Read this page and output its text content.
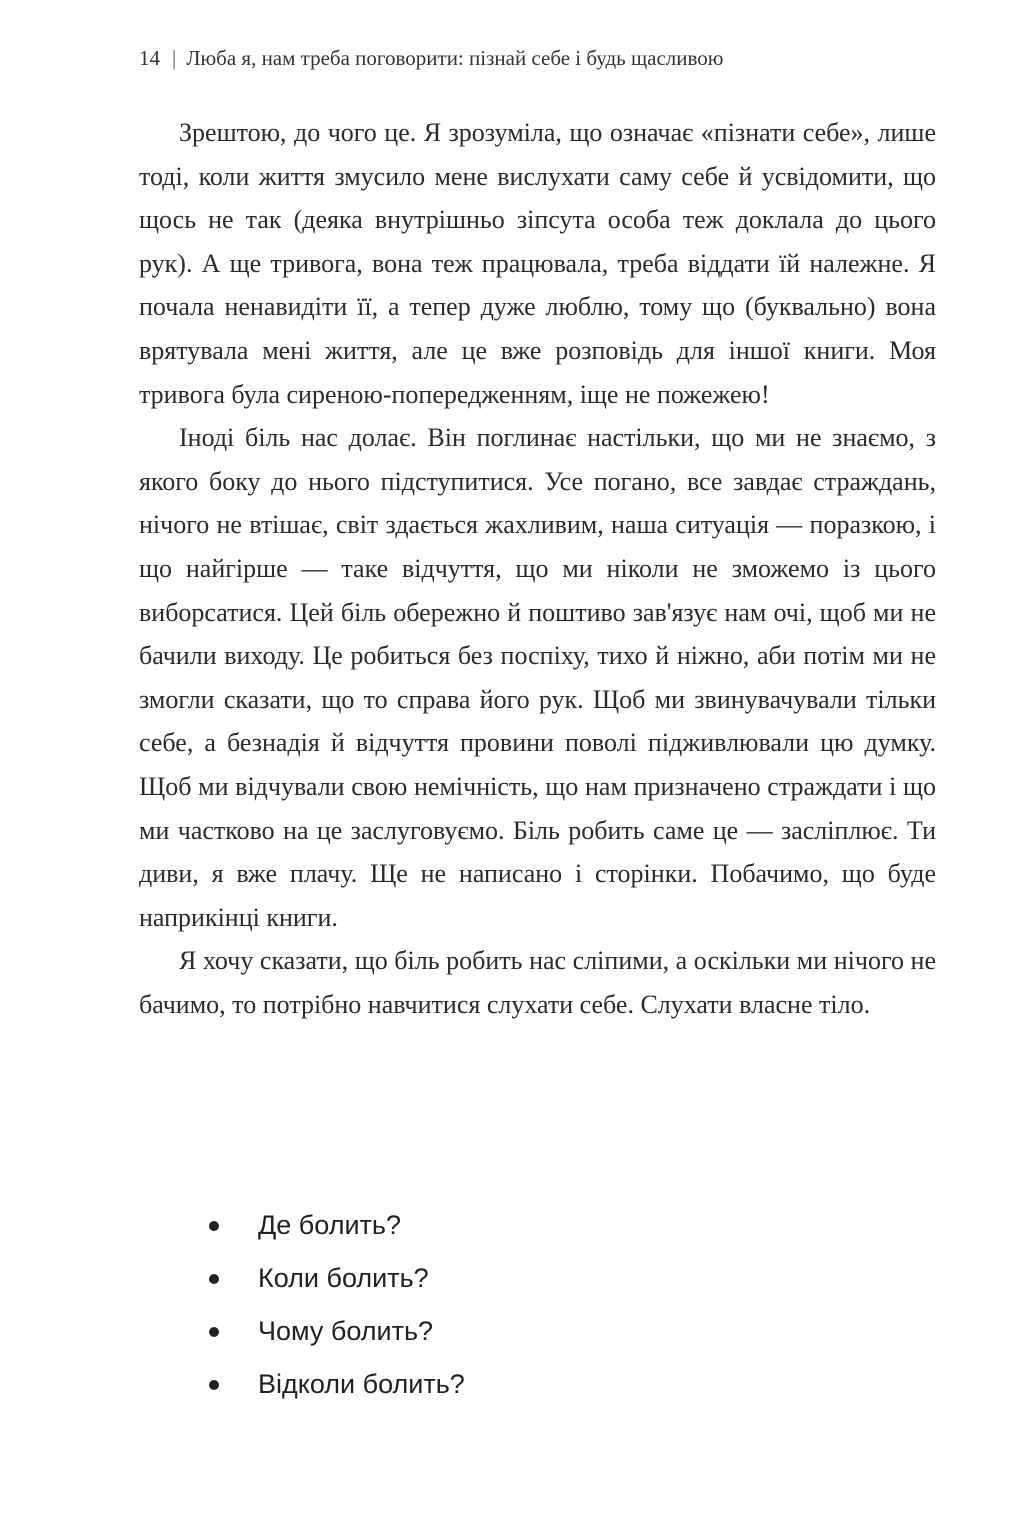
14 | Люба я, нам треба поговорити: пізнай себе і будь щасливою

Зрештою, до чого це. Я зрозуміла, що означає «пізнати себе», лише тоді, коли життя змусило мене вислухати саму себе й усвідомити, що щось не так (деяка внутрішньо зіпсута особа теж доклала до цього рук). А ще тривога, вона теж працювала, треба віддати їй належне. Я почала ненавидіти її, а тепер дуже люблю, тому що (буквально) вона врятувала мені життя, але це вже розповідь для іншої книги. Моя тривога була сиреною-попередженням, іще не пожежею!

Іноді біль нас долає. Він поглинає настільки, що ми не знаємо, з якого боку до нього підступитися. Усе погано, все завдає страждань, нічого не втішає, світ здається жахливим, наша ситуація — поразкою, і що найгірше — таке відчуття, що ми ніколи не зможемо із цього виборсатися. Цей біль обережно й поштиво зав'язує нам очі, щоб ми не бачили виходу. Це робиться без поспіху, тихо й ніжно, аби потім ми не змогли сказати, що то справа його рук. Щоб ми звинувачували тільки себе, а безнадія й відчуття провини поволі підживлювали цю думку. Щоб ми відчували свою немічність, що нам призначено страждати і що ми частково на це заслуговуємо. Біль робить саме це — засліплює. Ти диви, я вже плачу. Ще не написано і сторінки. Побачимо, що буде наприкінці книги.

Я хочу сказати, що біль робить нас сліпими, а оскільки ми нічого не бачимо, то потрібно навчитися слухати себе. Слухати власне тіло.

Де болить?
Коли болить?
Чому болить?
Відколи болить?
